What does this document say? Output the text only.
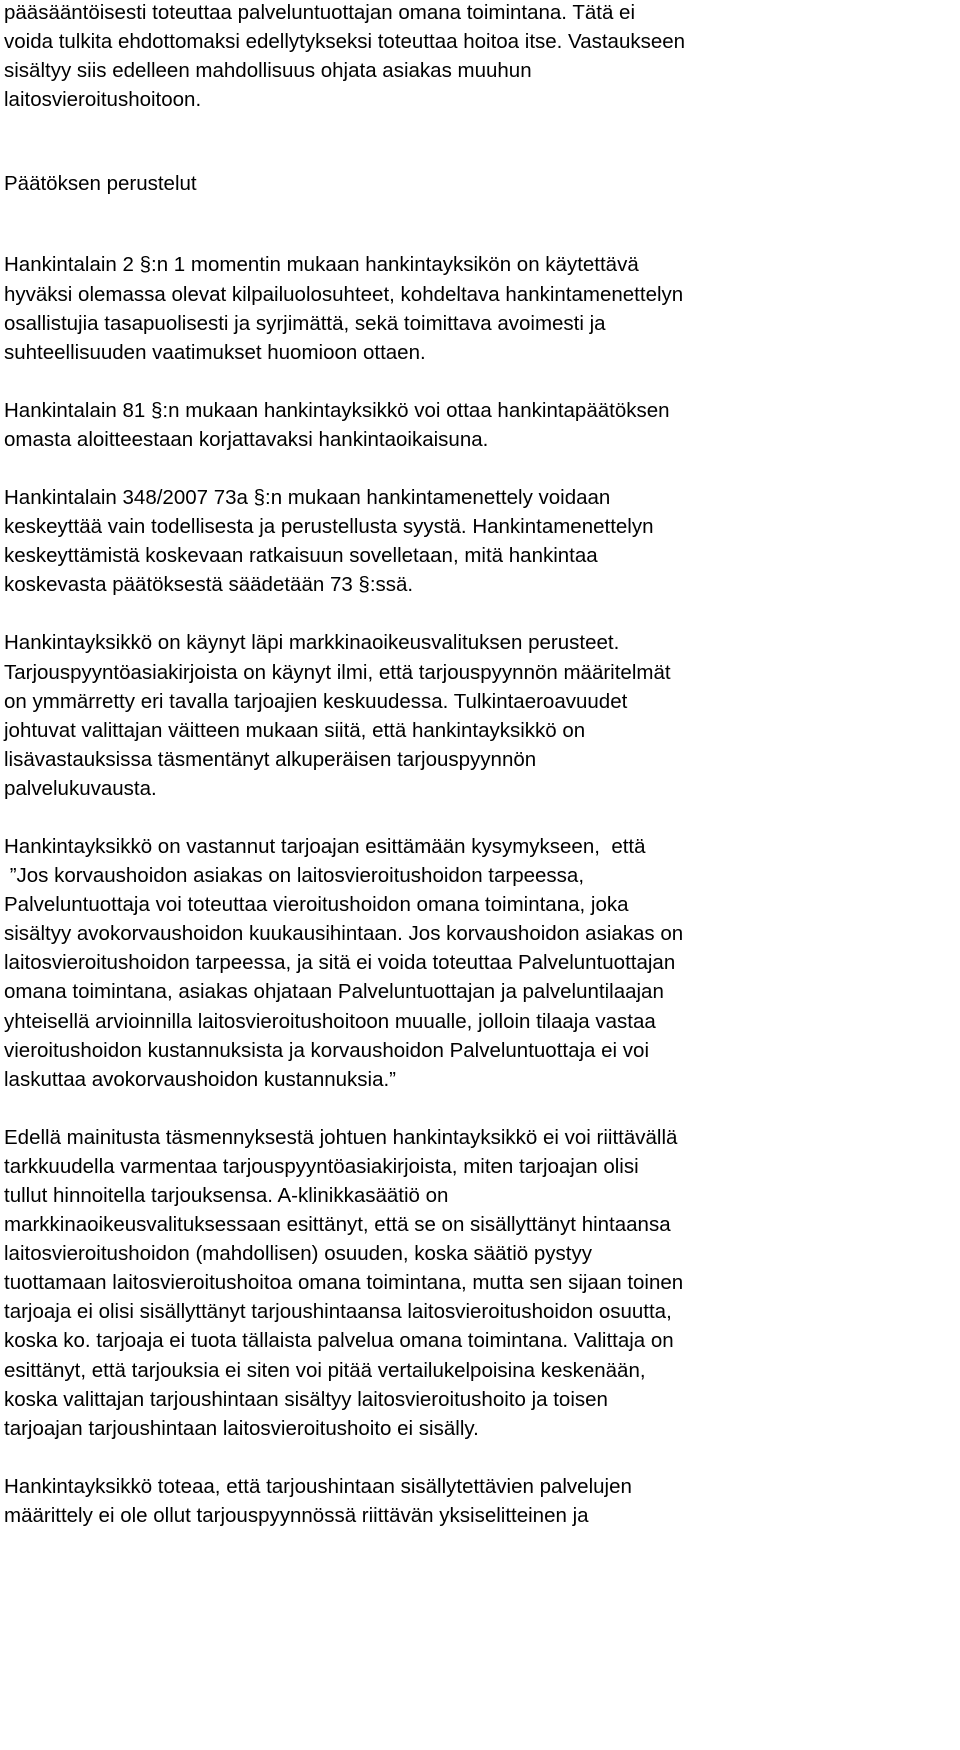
pääsääntöisesti toteuttaa palveluntuottajan omana toimintana. Tätä ei
voida tulkita ehdottomaksi edellytykseksi toteuttaa hoitoa itse. Vastaukseen
sisältyy siis edelleen mahdollisuus ohjata asiakas muuhun
laitosvieroitushoitoon.
Päätöksen perustelut
Hankintalain 2 §:n 1 momentin mukaan hankintayksikön on käytettävä
hyväksi olemassa olevat kilpailuolosuhteet, kohdeltava hankintamenettelyn
osallistujia tasapuolisesti ja syrjimättä, sekä toimittava avoimesti ja
suhteellisuuden vaatimukset huomioon ottaen.
Hankintalain 81 §:n mukaan hankintayksikkö voi ottaa hankintapäätöksen
omasta aloitteestaan korjattavaksi hankintaoikaisuna.
Hankintalain 348/2007 73a §:n mukaan hankintamenettely voidaan
keskeyttää vain todellisesta ja perustellusta syystä. Hankintamenettelyn
keskeyttämistä koskevaan ratkaisuun sovelletaan, mitä hankintaa
koskevasta päätöksestä säädetään 73 §:ssä.
Hankintayksikkö on käynyt läpi markkinaoikeusvalituksen perusteet.
Tarjouspyyntöasiakirjoista on käynyt ilmi, että tarjouspyynnön määritelmät
on ymmärretty eri tavalla tarjoajien keskuudessa. Tulkintaeroavuudet
johtuvat valittajan väitteen mukaan siitä, että hankintayksikkö on
lisävastauksissa täsmentänyt alkuperäisen tarjouspyynnön
palvelukuvausta.
Hankintayksikkö on vastannut tarjoajan esittämään kysymykseen,  että
”Jos korvaushoidon asiakas on laitosvieroitushoidon tarpeessa,
Palveluntuottaja voi toteuttaa vieroitushoidon omana toimintana, joka
sisältyy avokorvaushoidon kuukausihintaan. Jos korvaushoidon asiakas on
laitosvieroitushoidon tarpeessa, ja sitä ei voida toteuttaa Palveluntuottajan
omana toimintana, asiakas ohjataan Palveluntuottajan ja palveluntilaajan
yhteisellä arvioinnilla laitosvieroitushoitoon muualle, jolloin tilaaja vastaa
vieroitushoidon kustannuksista ja korvaushoidon Palveluntuottaja ei voi
laskuttaa avokorvaushoidon kustannuksia.”
Edellä mainitusta täsmennyksestä johtuen hankintayksikkö ei voi riittävällä
tarkkuudella varmentaa tarjouspyyntöasiakirjoista, miten tarjoajan olisi
tullut hinnoitella tarjouksensa. A-klinikkasäätiö on
markkinaoikeusvalituksessaan esittänyt, että se on sisällyttänyt hintaansa
laitosvieroitushoidon (mahdollisen) osuuden, koska säätiö pystyy
tuottamaan laitosvieroitushoitoa omana toimintana, mutta sen sijaan toinen
tarjoaja ei olisi sisällyttänyt tarjoushintaansa laitosvieroitushoidon osuutta,
koska ko. tarjoaja ei tuota tällaista palvelua omana toimintana. Valittaja on
esittänyt, että tarjouksia ei siten voi pitää vertailukelpoisina keskenään,
koska valittajan tarjoushintaan sisältyy laitosvieroitushoito ja toisen
tarjoajan tarjoushintaan laitosvieroitushoito ei sisälly.
Hankintayksikkö toteaa, että tarjoushintaan sisällytettävien palvelujen
määrittely ei ole ollut tarjouspyynnössä riittävän yksiselitteinen ja
